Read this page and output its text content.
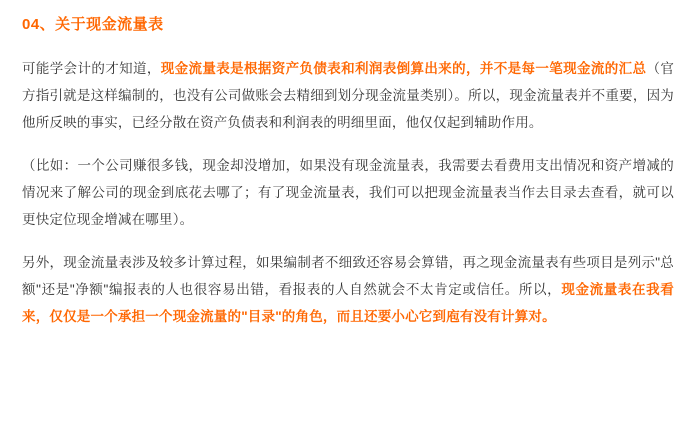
04、关于现金流量表

可能学会计的才知道，现金流量表是根据资产负债表和利润表倒算出来的，并不是每一笔现金流的汇总（官方指引就是这样编制的，也没有公司做账会去精细到划分现金流量类别）。所以，现金流量表并不重要，因为他所反映的事实，已经分散在资产负债表和利润表的明细里面，他仅仅起到辅助作用。

（比如：一个公司赚很多钱，现金却没增加，如果没有现金流量表，我需要去看费用支出情况和资产增减的情况来了解公司的现金到底花去哪了；有了现金流量表，我们可以把现金流量表当作去目录去查看，就可以更快定位现金增减在哪里）。

另外，现金流量表涉及较多计算过程，如果编制者不细致还容易会算错，再之现金流量表有些项目是列示"总额"还是"净额"编报表的人也很容易出错，看报表的人自然就会不太肯定或信任。所以，现金流量表在我看来，仅仅是一个承担一个现金流量的"目录"的角色，而且还要小心它到庖有没有计算对。
